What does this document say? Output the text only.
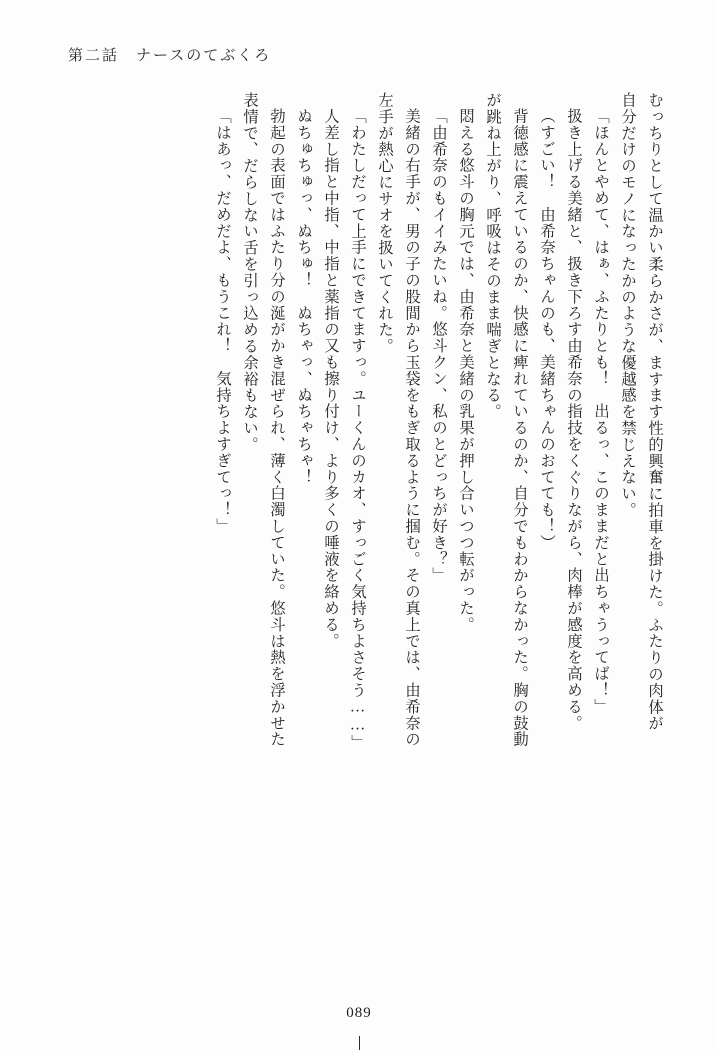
第二話　ナースのてぶくろ
むっちりとして温かい柔らかさが、ますます性的興奮に拍車を掛けた。ふたりの肉体が
自分だけのモノになったかのような優越感を禁じえない。
「ほんとやめて、はぁ、ふたりとも！　出るっ、このままだと出ちゃうってば！」
扱き上げる美緒と、扱き下ろす由希奈の指技をくぐりながら、肉棒が感度を高める。
（すごい！　由希奈ちゃんのも、美緒ちゃんのおてても！）
背徳感に震えているのか、快感に痺れているのか、自分でもわからなかった。胸の鼓動
が跳ね上がり、呼吸はそのまま喘ぎとなる。
悶える悠斗の胸元では、由希奈と美緒の乳果が押し合いつつ転がった。
「由希奈のもイイみたいね。悠斗クン、私のとどっちが好き？」
美緒の右手が、男の子の股間から玉袋をもぎ取るように掴む。その真上では、由希奈の
左手が熱心にサオを扱いてくれた。
「わたしだって上手にできてますっ。ユーくんのカオ、すっごく気持ちよさそう……」
人差し指と中指、中指と薬指の又も擦り付け、より多くの唾液を絡める。
ぬちゅちゅっ、ぬちゅ！　ぬちゃっ、ぬちゃちゃ！
勃起の表面ではふたり分の涎がかき混ぜられ、薄く白濁していた。悠斗は熱を浮かせた
表情で、だらしない舌を引っ込める余裕もない。
「はあっ、だめだよ、もうこれ！　気持ちよすぎてっ！」
089
